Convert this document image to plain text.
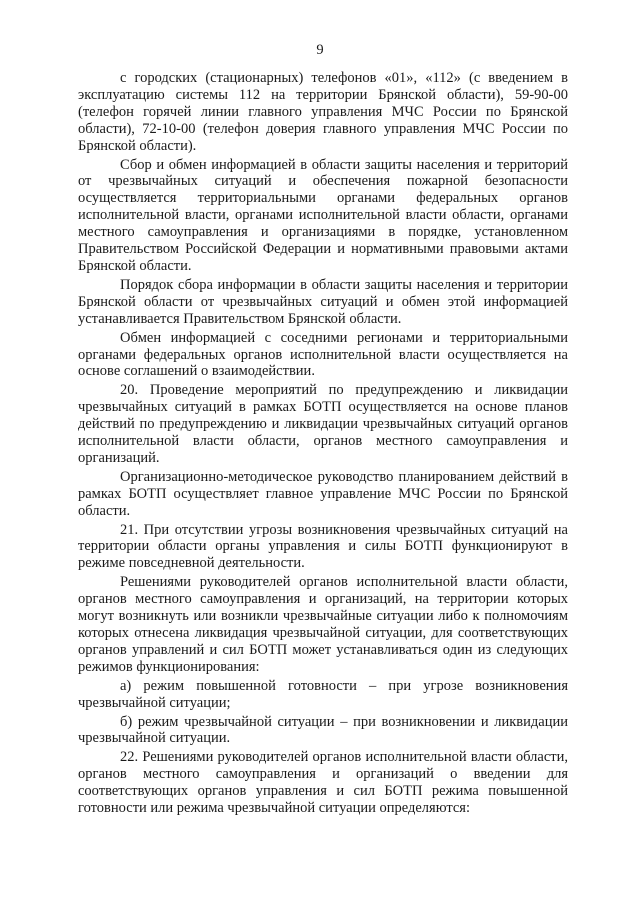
9

с городских (стационарных) телефонов «01», «112» (с введением в эксплуатацию системы 112 на территории Брянской области), 59-90-00 (телефон горячей линии главного управления МЧС России по Брянской области), 72-10-00 (телефон доверия главного управления МЧС России по Брянской области).

Сбор и обмен информацией в области защиты населения и территорий от чрезвычайных ситуаций и обеспечения пожарной безопасности осуществляется территориальными органами федеральных органов исполнительной власти, органами исполнительной власти области, органами местного самоуправления и организациями в порядке, установленном Правительством Российской Федерации и нормативными правовыми актами Брянской области.

Порядок сбора информации в области защиты населения и территории Брянской области от чрезвычайных ситуаций и обмен этой информацией устанавливается Правительством Брянской области.

Обмен информацией с соседними регионами и территориальными органами федеральных органов исполнительной власти осуществляется на основе соглашений о взаимодействии.

20. Проведение мероприятий по предупреждению и ликвидации чрезвычайных ситуаций в рамках БОТП осуществляется на основе планов действий по предупреждению и ликвидации чрезвычайных ситуаций органов исполнительной власти области, органов местного самоуправления и организаций.

Организационно-методическое руководство планированием действий в рамках БОТП осуществляет главное управление МЧС России по Брянской области.

21. При отсутствии угрозы возникновения чрезвычайных ситуаций на территории области органы управления и силы БОТП функционируют в режиме повседневной деятельности.

Решениями руководителей органов исполнительной власти области, органов местного самоуправления и организаций, на территории которых могут возникнуть или возникли чрезвычайные ситуации либо к полномочиям которых отнесена ликвидация чрезвычайной ситуации, для соответствующих органов управлений и сил БОТП может устанавливаться один из следующих режимов функционирования:

а) режим повышенной готовности – при угрозе возникновения чрезвычайной ситуации;

б) режим чрезвычайной ситуации – при возникновении и ликвидации чрезвычайной ситуации.

22. Решениями руководителей органов исполнительной власти области, органов местного самоуправления и организаций о введении для соответствующих органов управления и сил БОТП режима повышенной готовности или режима чрезвычайной ситуации определяются:
